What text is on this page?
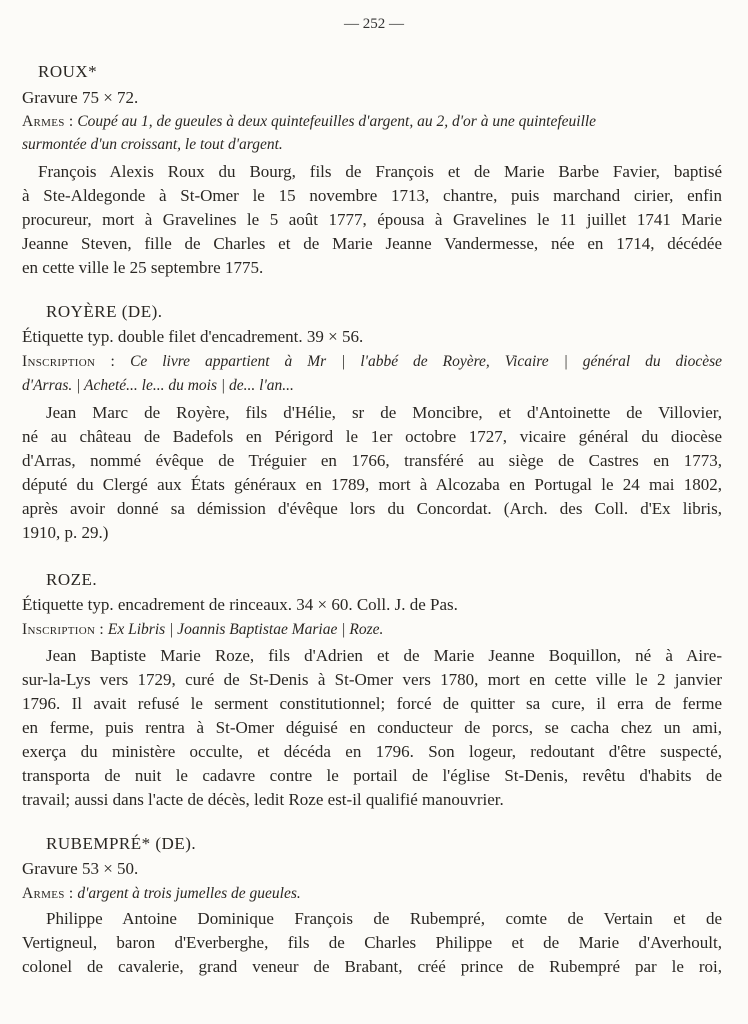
— 252 —
ROUX*
Gravure 75 × 72.
Armes : Coupé au 1, de gueules à deux quintefeuilles d'argent, au 2, d'or à une quintefeuille
surmontée d'un croissant, le tout d'argent.
François Alexis Roux du Bourg, fils de François et de Marie Barbe Favier, baptisé
à Ste-Aldegonde à St-Omer le 15 novembre 1713, chantre, puis marchand cirier, enfin
procureur, mort à Gravelines le 5 août 1777, épousa à Gravelines le 11 juillet 1741 Marie
Jeanne Steven, fille de Charles et de Marie Jeanne Vandermesse, née en 1714, décédée
en cette ville le 25 septembre 1775.
ROYÈRE (DE).
Étiquette typ. double filet d'encadrement. 39 × 56.
Inscription : Ce livre appartient à Mr | l'abbé de Royère, Vicaire | général du diocèse
d'Arras. | Acheté... le... du mois | de... l'an...
Jean Marc de Royère, fils d'Hélie, sr de Moncibre, et d'Antoinette de Villovier,
né au château de Badefols en Périgord le 1er octobre 1727, vicaire général du diocèse
d'Arras, nommé évêque de Tréguier en 1766, transféré au siège de Castres en 1773,
député du Clergé aux États généraux en 1789, mort à Alcozaba en Portugal le 24 mai 1802,
après avoir donné sa démission d'évêque lors du Concordat. (Arch. des Coll. d'Ex libris,
1910, p. 29.)
ROZE.
Étiquette typ. encadrement de rinceaux. 34 × 60. Coll. J. de Pas.
Inscription : Ex Libris | Joannis Baptistae Mariae | Roze.
Jean Baptiste Marie Roze, fils d'Adrien et de Marie Jeanne Boquillon, né à Aire-
sur-la-Lys vers 1729, curé de St-Denis à St-Omer vers 1780, mort en cette ville le 2 janvier
1796. Il avait refusé le serment constitutionnel; forcé de quitter sa cure, il erra de ferme
en ferme, puis rentra à St-Omer déguisé en conducteur de porcs, se cacha chez un ami,
exerça du ministère occulte, et décéda en 1796. Son logeur, redoutant d'être suspecté,
transporta de nuit le cadavre contre le portail de l'église St-Denis, revêtu d'habits de
travail; aussi dans l'acte de décès, ledit Roze est-il qualifié manouvrier.
RUBEMPRÉ* (DE).
Gravure 53 × 50.
Armes : d'argent à trois jumelles de gueules.
Philippe Antoine Dominique François de Rubempré, comte de Vertain et de
Vertigneul, baron d'Everberghe, fils de Charles Philippe et de Marie d'Averhoult,
colonel de cavalerie, grand veneur de Brabant, créé prince de Rubempré par le roi,
